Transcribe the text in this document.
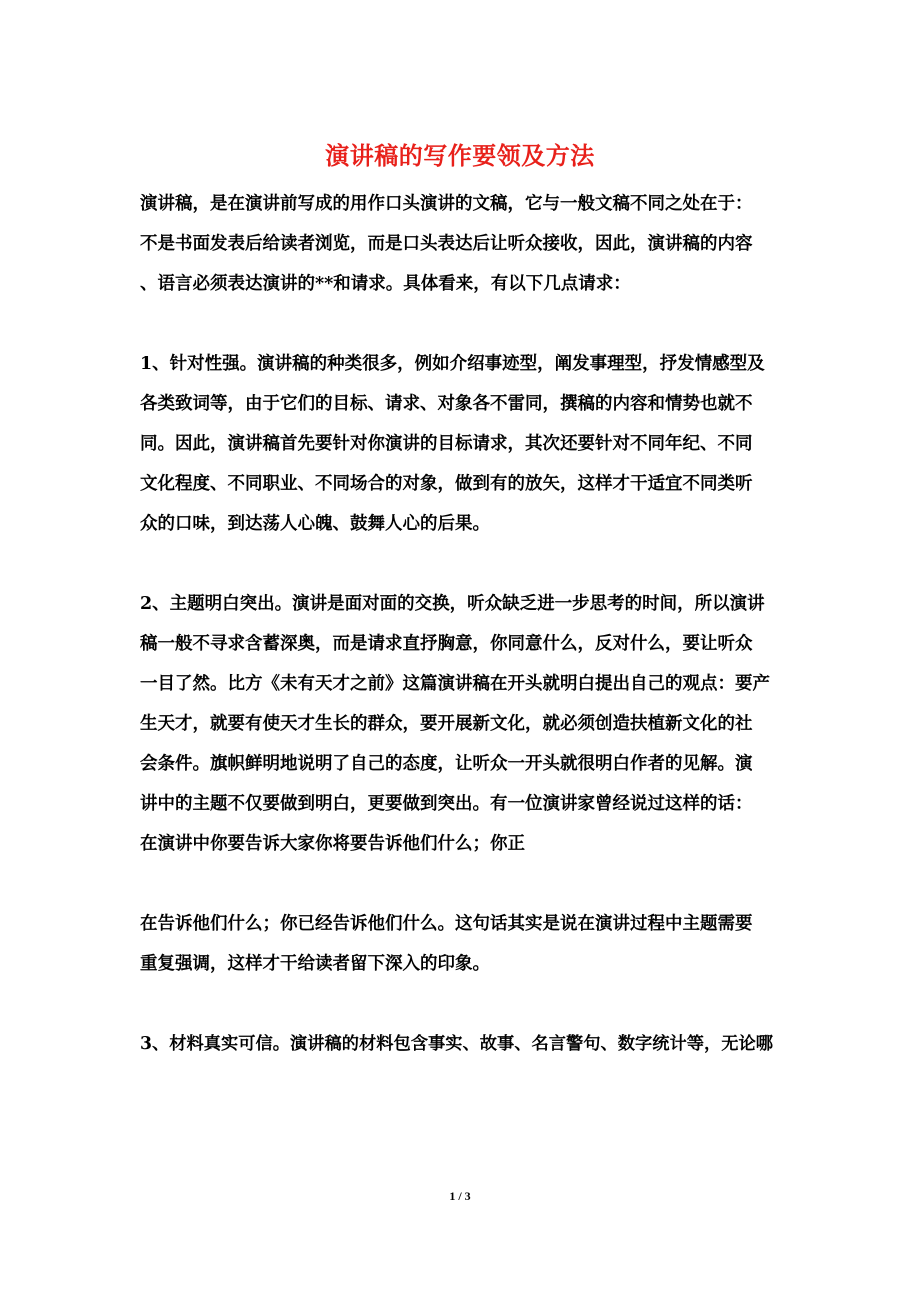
演讲稿的写作要领及方法
演讲稿，是在演讲前写成的用作口头演讲的文稿，它与一般文稿不同之处在于：
不是书面发表后给读者浏览，而是口头表达后让听众接收，因此，演讲稿的内容
、语言必须表达演讲的**和请求。具体看来，有以下几点请求：
1、针对性强。演讲稿的种类很多，例如介绍事迹型，阐发事理型，抒发情感型及
各类致词等，由于它们的目标、请求、对象各不雷同，撰稿的内容和情势也就不
同。因此，演讲稿首先要针对你演讲的目标请求，其次还要针对不同年纪、不同
文化程度、不同职业、不同场合的对象，做到有的放矢，这样才干适宜不同类听
众的口味，到达荡人心魄、鼓舞人心的后果。
2、主题明白突出。演讲是面对面的交换，听众缺乏进一步思考的时间，所以演讲
稿一般不寻求含蓄深奥，而是请求直抒胸意，你同意什么，反对什么，要让听众
一目了然。比方《未有天才之前》这篇演讲稿在开头就明白提出自己的观点：要产
生天才，就要有使天才生长的群众，要开展新文化，就必须创造扶植新文化的社
会条件。旗帜鲜明地说明了自己的态度，让听众一开头就很明白作者的见解。演
讲中的主题不仅要做到明白，更要做到突出。有一位演讲家曾经说过这样的话：
在演讲中你要告诉大家你将要告诉他们什么；你正
在告诉他们什么；你已经告诉他们什么。这句话其实是说在演讲过程中主题需要
重复强调，这样才干给读者留下深入的印象。
3、材料真实可信。演讲稿的材料包含事实、故事、名言警句、数字统计等，无论哪
1 / 3
